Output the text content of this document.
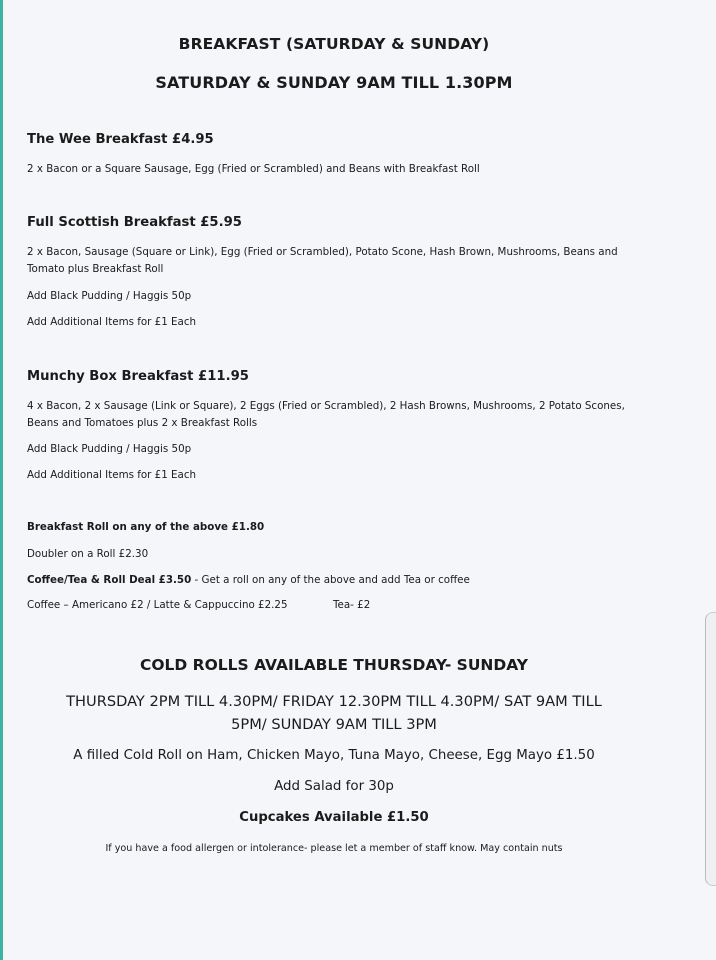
BREAKFAST (SATURDAY & SUNDAY)
SATURDAY & SUNDAY 9AM TILL 1.30PM
The Wee Breakfast £4.95
2 x Bacon or a Square Sausage, Egg (Fried or Scrambled) and Beans with Breakfast Roll
Full Scottish Breakfast £5.95
2 x Bacon, Sausage (Square or Link), Egg (Fried or Scrambled), Potato Scone, Hash Brown, Mushrooms, Beans and Tomato plus Breakfast Roll
Add Black Pudding / Haggis 50p
Add Additional Items for £1 Each
Munchy Box Breakfast £11.95
4 x Bacon, 2 x Sausage (Link or Square), 2 Eggs (Fried or Scrambled), 2 Hash Browns, Mushrooms, 2 Potato Scones, Beans and Tomatoes plus 2 x Breakfast Rolls
Add Black Pudding / Haggis 50p
Add Additional Items for £1 Each
Breakfast Roll on any of the above £1.80
Doubler on a Roll £2.30
Coffee/Tea & Roll Deal £3.50 - Get a roll on any of the above and add Tea or coffee
Coffee – Americano £2 / Latte & Cappuccino £2.25	Tea- £2
COLD ROLLS AVAILABLE THURSDAY- SUNDAY
THURSDAY 2PM TILL 4.30PM/ FRIDAY 12.30PM TILL 4.30PM/ SAT 9AM TILL
5PM/ SUNDAY 9AM TILL 3PM
A filled Cold Roll on Ham, Chicken Mayo, Tuna Mayo, Cheese, Egg Mayo £1.50
Add Salad for 30p
Cupcakes Available £1.50
If you have a food allergen or intolerance- please let a member of staff know. May contain nuts
